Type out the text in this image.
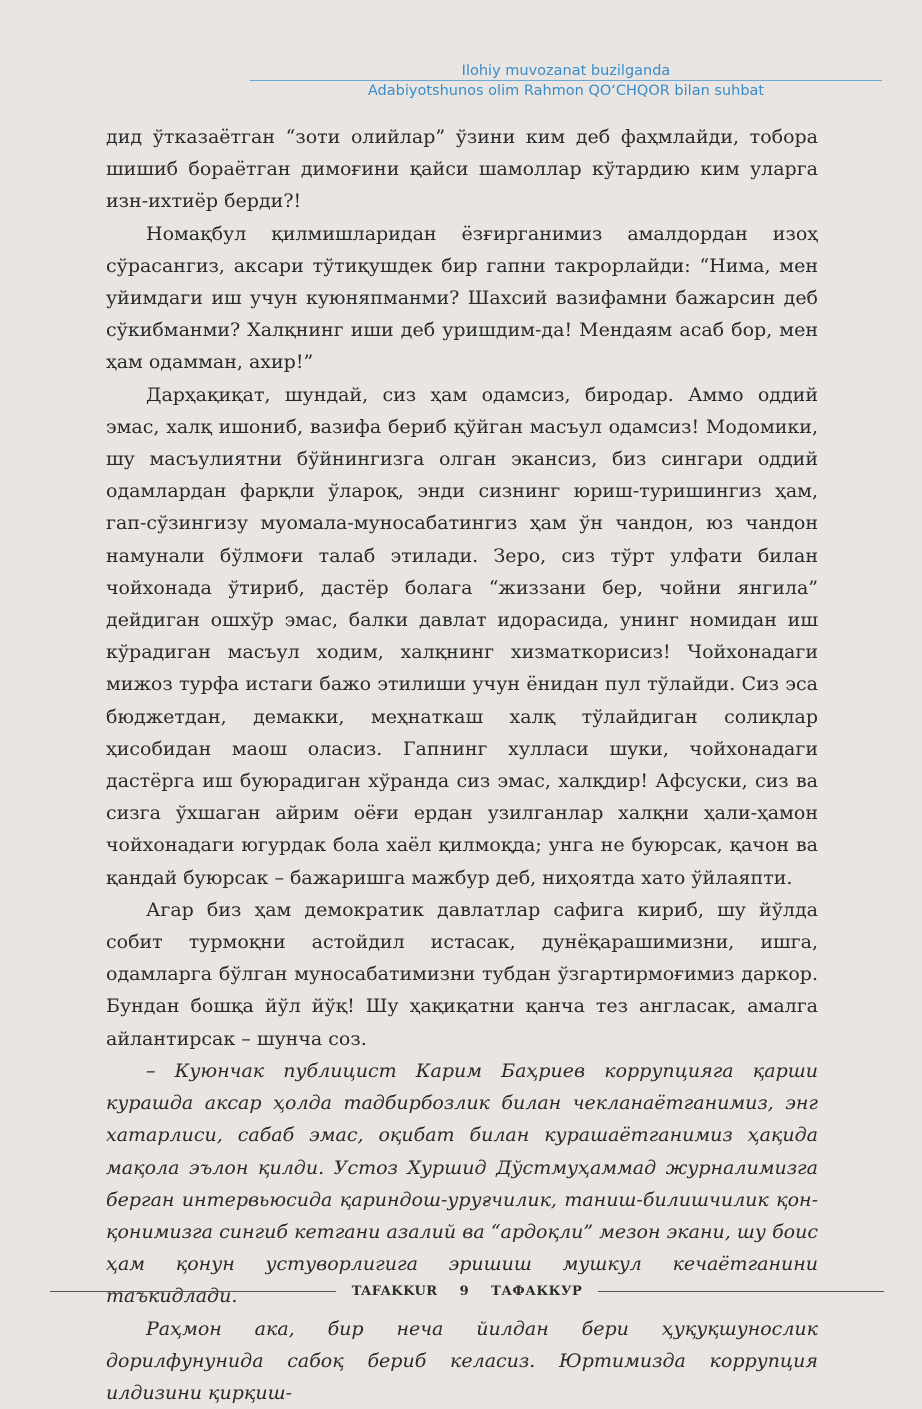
Ilohiy muvozanat buzilganda
Adabiyotshunos olim Rahmon QO‘CHQOR bilan suhbat

дид ўтказаётган “зоти олийлар” ўзини ким деб фаҳмлайди, тобора шишиб бораётган димоғини қайси шамоллар кўтардию ким уларга изн-ихтиёр берди?!

Номақбул қилмишларидан ёзғирганимиз амалдордан изоҳ сўрасангиз, аксари тўтиқушдек бир гапни такрорлайди: “Нима, мен уйимдаги иш учун куюняпманми? Шахсий вазифамни бажарсин деб сўкибманми? Халқнинг иши деб уришдим-да! Мендаям асаб бор, мен ҳам одамман, ахир!”

Дарҳақиқат, шундай, сиз ҳам одамсиз, биродар. Аммо оддий эмас, халқ ишониб, вазифа бериб қўйган масъул одамсиз! Модомики, шу масъулиятни бўйнингизга олган экансиз, биз сингари оддий одамлардан фарқли ўлароқ, энди сизнинг юриш-туришингиз ҳам, гап-сўзингизу муомала-муносабатингиз ҳам ўн чандон, юз чандон намунали бўлмоғи талаб этилади. Зеро, сиз тўрт улфати билан чойхонада ўтириб, дастёр болага “жиззани бер, чойни янгила” дейдиган ошхўр эмас, балки давлат идорасида, унинг номидан иш кўрадиган масъул ходим, халқнинг хизматкорисиз! Чойхонадаги мижоз турфа истаги бажо этилиши учун ёнидан пул тўлайди. Сиз эса бюджетдан, демакки, меҳнаткаш халқ тўлайдиган солиқлар ҳисобидан маош оласиз. Гапнинг хулласи шуки, чойхонадаги дастёрга иш буюрадиган хўранда сиз эмас, халқдир! Афсуски, сиз ва сизга ўхшаган айрим оёғи ердан узилганлар халқни ҳали-ҳамон чойхонадаги югурдак бола хаёл қилмоқда; унга не буюрсак, қачон ва қандай буюрсак – бажаришга мажбур деб, ниҳоятда хато ўйлаяпти.

Агар биз ҳам демократик давлатлар сафига кириб, шу йўлда собит турмоқни астойдил истасак, дунёқарашимизни, ишга, одамларга бўлган муносабатимизни тубдан ўзгартирмоғимиз даркор. Бундан бошқа йўл йўқ! Шу ҳақиқатни қанча тез англасак, амалга айлантирсак – шунча соз.

– Куюнчак публицист Карим Баҳриев коррупцияга қарши курашда аксар ҳолда тадбирбозлик билан чекланаётганимиз, энг хатарлиси, сабаб эмас, оқибат билан курашаётганимиз ҳақида мақола эълон қилди. Устоз Хуршид Дўстмуҳаммад журналимизга берган интервьюсида қариндош-уруғчилик, таниш-билишчилик қон-қонимизга сингиб кетгани азалий ва “ардоқли” мезон экани, шу боис ҳам қонун устуворлигига эришиш мушкул кечаётганини таъкидлади.

Раҳмон ака, бир неча йилдан бери ҳуқуқшунослик дорилфунунида сабоқ бериб келасиз. Юртимизда коррупция илдизини қирқиш-

TAFAKKUR 9 ТАФАККУР
